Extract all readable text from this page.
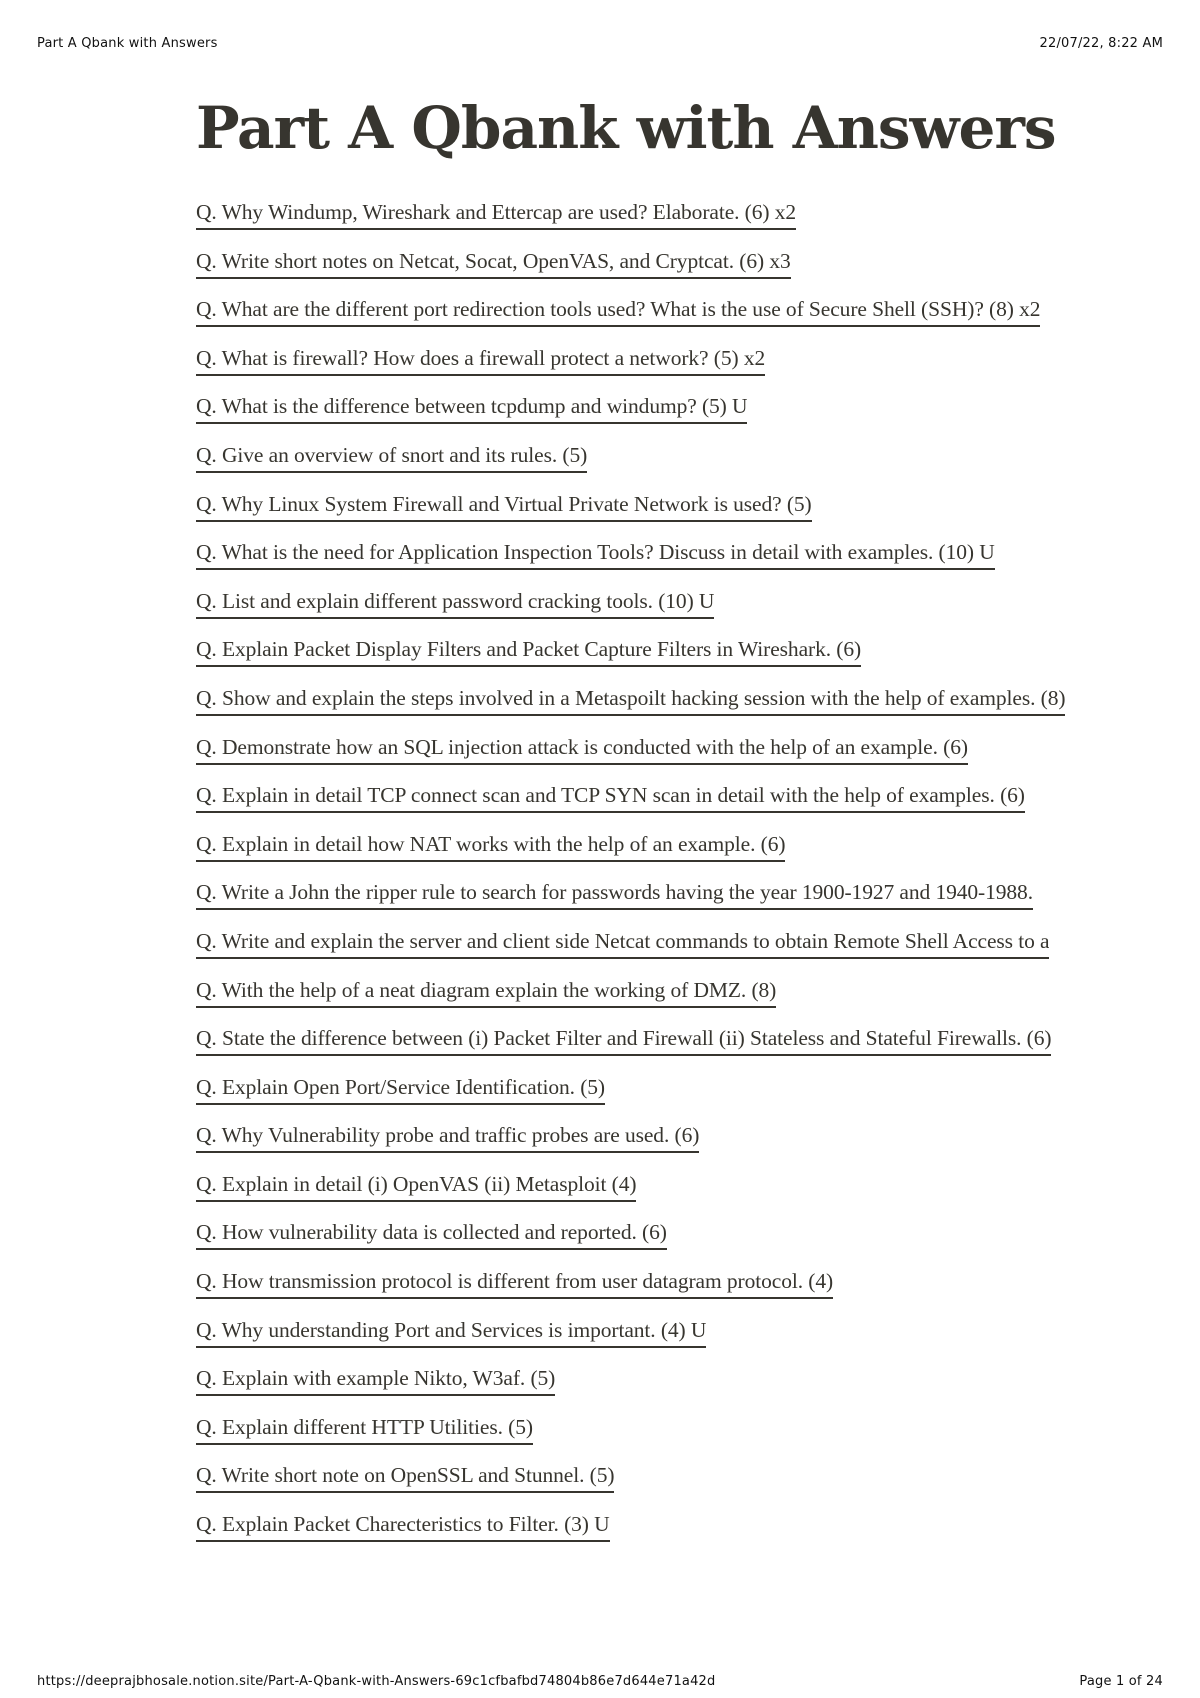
Part A Qbank with Answers	22/07/22, 8:22 AM
Part A Qbank with Answers
Q. Why Windump, Wireshark and Ettercap are used? Elaborate. (6) x2
Q. Write short notes on Netcat, Socat, OpenVAS, and Cryptcat. (6) x3
Q. What are the different port redirection tools used? What is the use of Secure Shell (SSH)? (8) x2
Q. What is firewall? How does a firewall protect a network? (5) x2
Q. What is the difference between tcpdump and windump? (5) U
Q. Give an overview of snort and its rules. (5)
Q. Why Linux System Firewall and Virtual Private Network is used? (5)
Q. What is the need for Application Inspection Tools? Discuss in detail with examples. (10) U
Q. List and explain different password cracking tools. (10) U
Q. Explain Packet Display Filters and Packet Capture Filters in Wireshark. (6)
Q. Show and explain the steps involved in a Metaspoilt hacking session with the help of examples. (8)
Q. Demonstrate how an SQL injection attack is conducted with the help of an example. (6)
Q. Explain in detail TCP connect scan and TCP SYN scan in detail with the help of examples. (6)
Q. Explain in detail how NAT works with the help of an example. (6)
Q. Write a John the ripper rule to search for passwords having the year 1900-1927 and 1940-1988.
Q. Write and explain the server and client side Netcat commands to obtain Remote Shell Access to a
Q. With the help of a neat diagram explain the working of DMZ. (8)
Q. State the difference between (i) Packet Filter and Firewall (ii) Stateless and Stateful Firewalls. (6)
Q. Explain Open Port/Service Identification. (5)
Q. Why Vulnerability probe and traffic probes are used. (6)
Q. Explain in detail (i) OpenVAS (ii) Metasploit (4)
Q. How vulnerability data is collected and reported. (6)
Q. How transmission protocol is different from user datagram protocol. (4)
Q. Why understanding Port and Services is important. (4) U
Q. Explain with example Nikto, W3af. (5)
Q. Explain different HTTP Utilities. (5)
Q. Write short note on OpenSSL and Stunnel. (5)
Q. Explain Packet Charecteristics to Filter. (3) U
https://deeprajbhosale.notion.site/Part-A-Qbank-with-Answers-69c1cfbafbd74804b86e7d644e71a42d	Page 1 of 24
